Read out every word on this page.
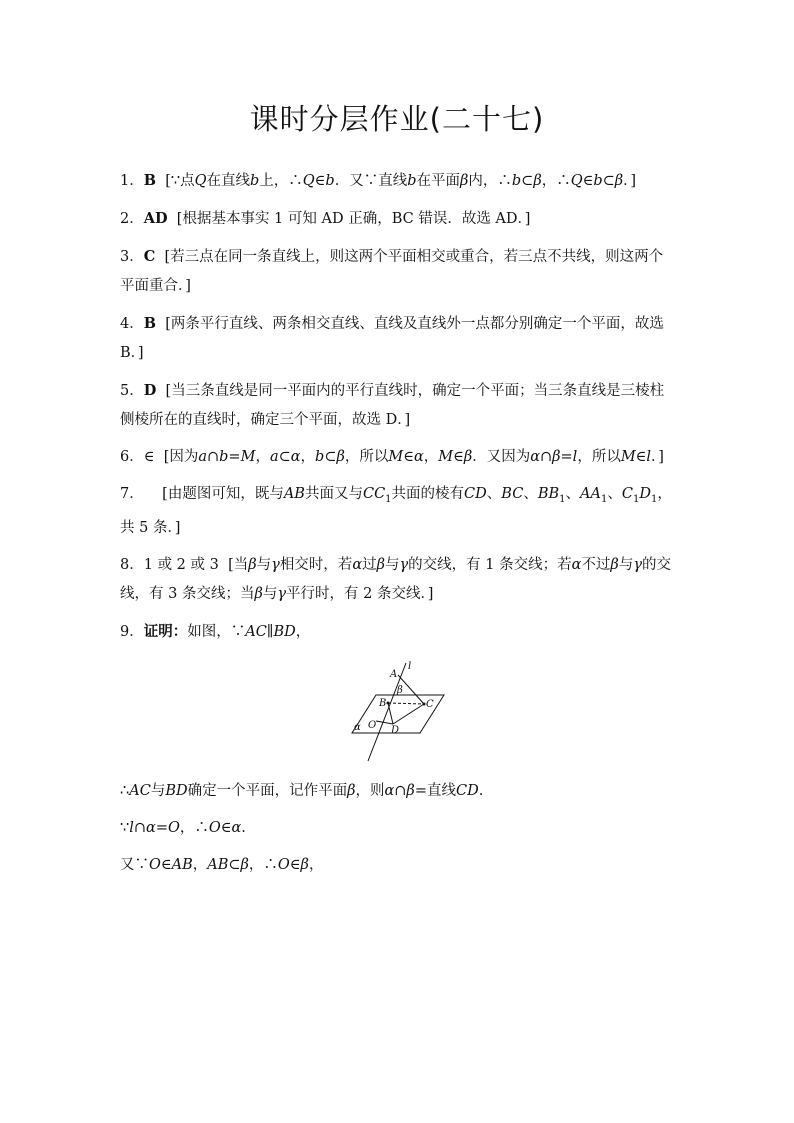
课时分层作业(二十七)
1．B [∵点Q在直线b上，∴Q∈b．又∵直线b在平面β内，∴b⊂β，∴Q∈b⊂β．]
2．AD [根据基本事实 1 可知 AD 正确，BC 错误．故选 AD．]
3．C [若三点在同一条直线上，则这两个平面相交或重合，若三点不共线，则这两个平面重合．]
4．B [两条平行直线、两条相交直线、直线及直线外一点都分别确定一个平面，故选 B．]
5．D [当三条直线是同一平面内的平行直线时，确定一个平面；当三条直线是三棱柱侧棱所在的直线时，确定三个平面，故选 D．]
6．∈ [因为a∩b=M，a⊂α，b⊂β，所以M∈α，M∈β．又因为α∩β=l，所以M∈l．]
7． [由题图可知，既与AB共面又与$CC_1$共面的棱有CD、BC、$BB_1$、$AA_1$、$C_1D_1$，共 5 条．]
8．1 或 2 或 3 [当β与γ相交时，若α过β与γ的交线，有 1 条交线；若α不过β与γ的交线，有 3 条交线；当β与γ平行时，有 2 条交线．]
9．证明：如图，∵AC∥BD，
A
l
β
B	C
α O D
∴AC与BD确定一个平面，记作平面β，则α∩β=直线CD.
∵l∩α=O，∴O∈α.
又∵O∈AB，AB⊂β，∴O∈β，
